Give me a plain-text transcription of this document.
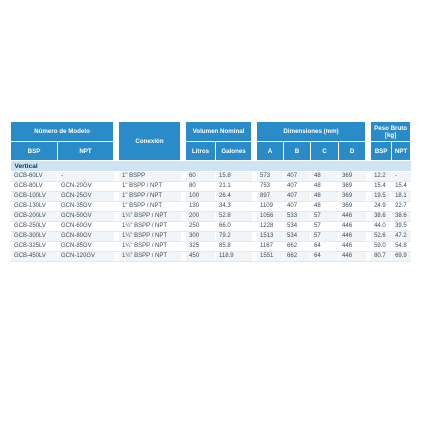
Número de Modelo			Conexión		Volumen Nominal			Dimensiones (mm)					Peso Bruto [kg]	
BSP	NPT				Litros	Galones		A	B	C	D		BSP	NPT
Vertical														
GCB-60LV	-		1" BSPP		60	15.8		573	407	48	369		12.2	-
GCB-80LV	GCN-20GV		1" BSPP / NPT		80	21.1		753	407	48	369		15.4	15.4
GCB-100LV	GCN-25GV		1" BSPP / NPT		100	26.4		897	407	48	369		19.5	18.1
GCB-130LV	GCN-35GV		1" BSPP / NPT		130	34.3		1109	407	48	369		24.9	22.7
GCB-200LV	GCN-50GV		1¼" BSPP / NPT		200	52.8		1056	533	57	446		38.6	38.6
GCB-250LV	GCN-60GV		1¼" BSPP / NPT		250	66.0		1228	534	57	446		44.0	39.5
GCB-300LV	GCN-80GV		1¼" BSPP / NPT		300	79.2		1513	534	57	446		52.6	47.2
GCB-325LV	GCN-85GV		1¼" BSPP / NPT		325	85.8		1167	662	64	446		59.0	54.8
GCB-450LV	GCN-120GV		1¼" BSPP / NPT		450	118.9		1551	662	64	446		80.7	69.9
